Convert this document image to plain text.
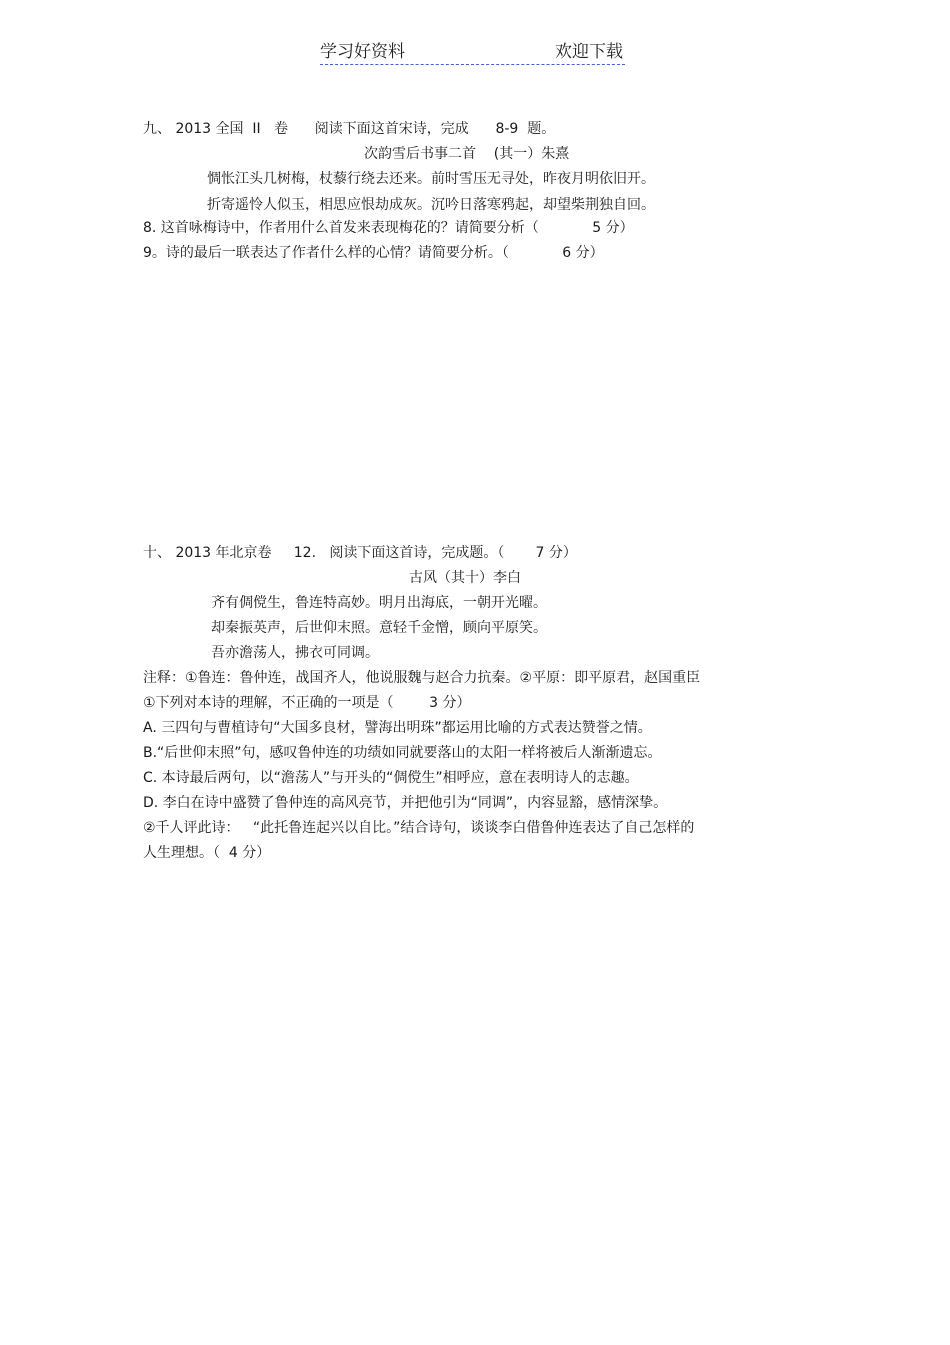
学习好资料	欢迎下载
九、 2013 全国  II   卷      阅读下面这首宋诗，完成      8-9  题。
次韵雪后书事二首    (其一）朱熹
惆怅江头几树梅，杖藜行绕去还来。前时雪压无寻处，昨夜月明依旧开。
折寄遥怜人似玉，相思应恨劫成灰。沉吟日落寒鸦起，却望柴荆独自回。
8. 这首咏梅诗中，作者用什么首发来表现梅花的？请简要分析（            5 分）
9。诗的最后一联表达了作者什么样的心情？请简要分析。（            6 分）
十、 2013 年北京卷     12.   阅读下面这首诗，完成题。（       7 分）
古风（其十）李白
齐有倜傥生，鲁连特高妙。明月出海底，一朝开光曜。
却秦振英声，后世仰末照。意轻千金憎，顾向平原笑。
吾亦澹荡人，拂衣可同调。
注释：①鲁连：鲁仲连，战国齐人，他说服魏与赵合力抗秦。②平原：即平原君，赵国重臣
①下列对本诗的理解，不正确的一项是（        3 分）
A. 三四句与曹植诗句“大国多良材，譬海出明珠”都运用比喻的方式表达赞誉之情。
B.“后世仰末照”句，感叹鲁仲连的功绩如同就要落山的太阳一样将被后人渐渐遗忘。
C. 本诗最后两句，以“澹荡人”与开头的“倜傥生”相呼应，意在表明诗人的志趣。
D. 李白在诗中盛赞了鲁仲连的高风亮节，并把他引为“同调”，内容显豁，感情深挚。
②千人评此诗：   “此托鲁连起兴以自比。”结合诗句，谈谈李白借鲁仲连表达了自己怎样的
人生理想。（  4 分）
